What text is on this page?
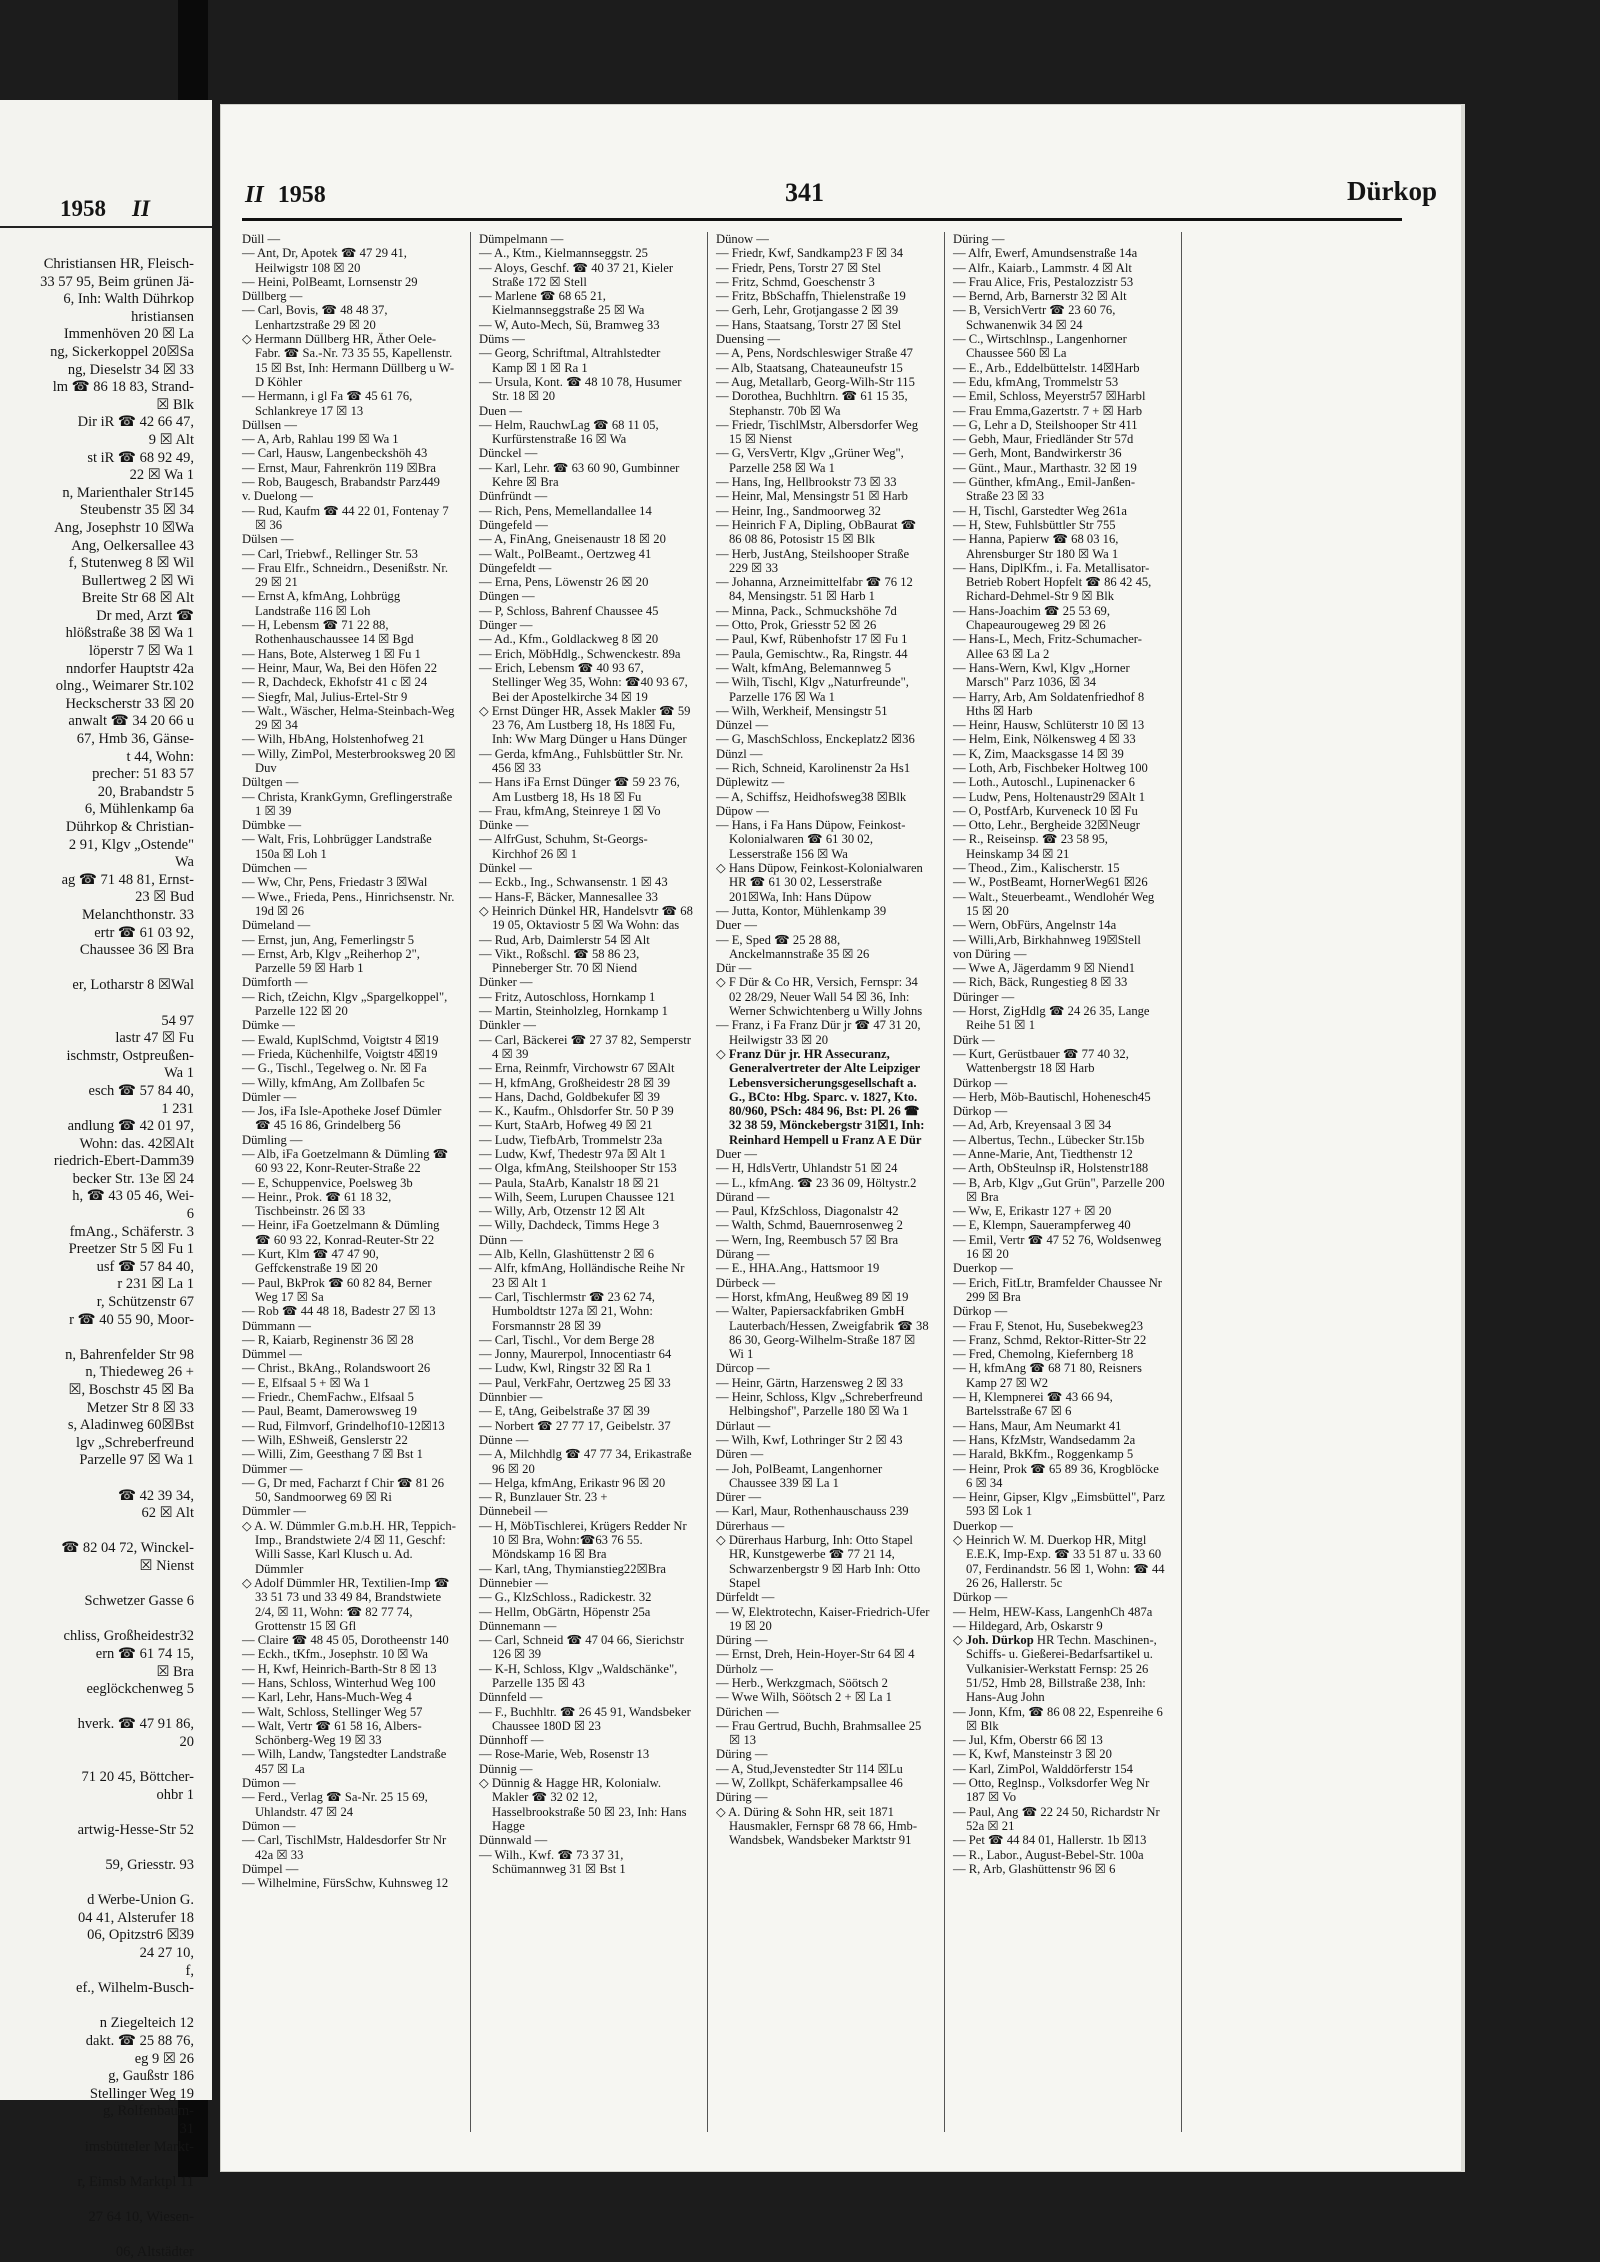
1958 II
Christiansen HR, Fleisch-
33 57 95, Beim grünen Jä-
6, Inh: Walth Dührkop
hristiansen
Immenhöven 20 ☒ La
ng, Sickerkoppel 20☒Sa
ng, Dieselstr 34 ☒ 33
lm ☎ 86 18 83, Strand-
☒ Blk
Dir iR ☎ 42 66 47,
9 ☒ Alt
st iR ☎ 68 92 49,
22 ☒ Wa 1
n, Marienthaler Str145
Steubenstr 35 ☒ 34
Ang, Josephstr 10 ☒Wa
Ang, Oelkersallee 43
f, Stutenweg 8 ☒ Wil
Bullertweg 2 ☒ Wi
Breite Str 68 ☒ Alt
Dr med, Arzt ☎
hlößstraße 38 ☒ Wa 1
löperstr 7 ☒ Wa 1
nndorfer Hauptstr 42a
olng., Weimarer Str.102
Heckscherstr 33 ☒ 20
anwalt ☎ 34 20 66 u
67, Hmb 36, Gänse-
t 44, Wohn:
precher: 51 83 57
20, Brabandstr 5
6, Mühlenkamp 6a
Dührkop & Christian-
2 91, Klgv „Ostende"
Wa
ag ☎ 71 48 81, Ernst-
23 ☒ Bud
Melanchthonstr. 33
ertr ☎ 61 03 92,
Chaussee 36 ☒ Bra

er, Lotharstr 8 ☒Wal

54 97
lastr 47 ☒ Fu
ischmstr, Ostpreußen-
Wa 1
esch ☎ 57 84 40,
1 231
andlung ☎ 42 01 97,
Wohn: das. 42☒Alt
riedrich-Ebert-Damm39
becker Str. 13e ☒ 24
h, ☎ 43 05 46, Wei-
6
fmAng., Schäferstr. 3
Preetzer Str 5 ☒ Fu 1
usf ☎ 57 84 40,
r 231 ☒ La 1
r, Schützenstr 67
r ☎ 40 55 90, Moor-

n, Bahrenfelder Str 98
n, Thiedeweg 26 +
☒, Boschstr 45 ☒ Ba
Metzer Str 8 ☒ 33
s, Aladinweg 60☒Bst
lgv „Schreberfreund
Parzelle 97 ☒ Wa 1

☎ 42 39 34,
62 ☒ Alt

☎ 82 04 72, Winckel-
☒ Nienst

Schwetzer Gasse 6

chliss, Großheidestr32
ern ☎ 61 74 15,
☒ Bra
eeglöckchenweg 5

hverk. ☎ 47 91 86,
20

71 20 45, Böttcher-
ohbr 1

artwig-Hesse-Str 52

59, Griesstr. 93

d Werbe-Union G.
04 41, Alsterufer 18
06, Opitzstr6 ☒39
24 27 10,
f,
ef., Wilhelm-Busch-

n Ziegelteich 12
dakt. ☎ 25 88 76,
eg 9 ☒ 26
g, Gaußstr 186
Stellinger Weg 19
g, Rolfenbaum-
31
imsbütteler Markt-

r, Eimsb Marktpl 11

27 64 10, Wiesen-

06, Altstädter
II 1958	341	Dürkop

Düll —

— Ant, Dr, Apotek ☎ 47 29 41, Heilwigstr 108 ☒ 20

— Heini, PolBeamt, Lornsenstr 29

Düllberg —

— Carl, Bovis, ☎ 48 48 37, Lenhartzstraße 29 ☒ 20

◇ Hermann Düllberg HR, Äther Oele-Fabr. ☎ Sa.-Nr. 73 35 55, Kapellenstr. 15 ☒ Bst, Inh: Hermann Düllberg u W-D Köhler

— Hermann, i gl Fa ☎ 45 61 76, Schlankreye 17 ☒ 13

Düllsen —

— A, Arb, Rahlau 199 ☒ Wa 1

— Carl, Hausw, Langenbeckshöh 43

— Ernst, Maur, Fahrenkrön 119 ☒Bra

— Rob, Baugesch, Brabandstr Parz449

v. Duelong —

— Rud, Kaufm ☎ 44 22 01, Fontenay 7 ☒ 36

Dülsen —

— Carl, Triebwf., Rellinger Str. 53

— Frau Elfr., Schneidrn., Desenißstr. Nr. 29 ☒ 21

— Ernst A, kfmAng, Lohbrügg Landstraße 116 ☒ Loh

— H, Lebensm ☎ 71 22 88, Rothenhauschaussee 14 ☒ Bgd

— Hans, Bote, Alsterweg 1 ☒ Fu 1

— Heinr, Maur, Wa, Bei den Höfen 22

— R, Dachdeck, Ekhofstr 41 c ☒ 24

— Siegfr, Mal, Julius-Ertel-Str 9

— Walt., Wäscher, Helma-Steinbach-Weg 29 ☒ 34

— Wilh, HbAng, Holstenhofweg 21

— Willy, ZimPol, Mesterbrooksweg 20 ☒ Duv

Dültgen —

— Christa, KrankGymn, Greflingerstraße 1 ☒ 39

Dümbke —

— Walt, Fris, Lohbrügger Landstraße 150a ☒ Loh 1

Dümchen —

— Ww, Chr, Pens, Friedastr 3 ☒Wal

— Wwe., Frieda, Pens., Hinrichsenstr. Nr. 19d ☒ 26

Dümeland —

— Ernst, jun, Ang, Femerlingstr 5

— Ernst, Arb, Klgv „Reiherhop 2", Parzelle 59 ☒ Harb 1

Dümforth —

— Rich, tZeichn, Klgv „Spargelkoppel", Parzelle 122 ☒ 20

Dümke —

— Ewald, KuplSchmd, Voigtstr 4 ☒19

— Frieda, Küchenhilfe, Voigtstr 4☒19

— G., Tischl., Tegelweg o. Nr. ☒ Fa

— Willy, kfmAng, Am Zollbafen 5c

Dümler —

— Jos, iFa Isle-Apotheke Josef Dümler ☎ 45 16 86, Grindelberg 56

Dümling —

— Alb, iFa Goetzelmann & Dümling ☎ 60 93 22, Konr-Reuter-Straße 22

— E, Schuppenvice, Poelsweg 3b

— Heinr., Prok. ☎ 61 18 32, Tischbeinstr. 26 ☒ 33

— Heinr, iFa Goetzelmann & Dümling ☎ 60 93 22, Konrad-Reuter-Str 22

— Kurt, Klm ☎ 47 47 90, Geffckenstraße 19 ☒ 20

— Paul, BkProk ☎ 60 82 84, Berner Weg 17 ☒ Sa

— Rob ☎ 44 48 18, Badestr 27 ☒ 13

Dümmann —

— R, Kaiarb, Reginenstr 36 ☒ 28

Dümmel —

— Christ., BkAng., Rolandswoort 26

— E, Elfsaal 5 + ☒ Wa 1

— Friedr., ChemFachw., Elfsaal 5

— Paul, Beamt, Damerowsweg 19

— Rud, Filmvorf, Grindelhof10-12☒13

— Wilh, EShweiß, Genslerstr 22

— Willi, Zim, Geesthang 7 ☒ Bst 1

Dümmer —

— G, Dr med, Facharzt f Chir ☎ 81 26 50, Sandmoorweg 69 ☒ Ri

Dümmler —

◇ A. W. Dümmler G.m.b.H. HR, Teppich-Imp., Brandstwiete 2/4 ☒ 11, Geschf: Willi Sasse, Karl Klusch u. Ad. Dümmler

◇ Adolf Dümmler HR, Textilien-Imp ☎ 33 51 73 und 33 49 84, Brandstwiete 2/4, ☒ 11, Wohn: ☎ 82 77 74, Grottenstr 15 ☒ Gfl

— Claire ☎ 48 45 05, Dorotheenstr 140

— Eckh., tKfm., Josephstr. 10 ☒ Wa

— H, Kwf, Heinrich-Barth-Str 8 ☒ 13

— Hans, Schloss, Winterhud Weg 100

— Karl, Lehr, Hans-Much-Weg 4

— Walt, Schloss, Stellinger Weg 57

— Walt, Vertr ☎ 61 58 16, Albers-Schönberg-Weg 19 ☒ 33

— Wilh, Landw, Tangstedter Landstraße 457 ☒ La

Dümon —

— Ferd., Verlag ☎ Sa-Nr. 25 15 69, Uhlandstr. 47 ☒ 24

Dümon —

— Carl, TischlMstr, Haldesdorfer Str Nr 42a ☒ 33

Dümpel —

— Wilhelmine, FürsSchw, Kuhnsweg 12

Dümpelmann —

— A., Ktm., Kielmannseggstr. 25

— Aloys, Geschf. ☎ 40 37 21, Kieler Straße 172 ☒ Stell

— Marlene ☎ 68 65 21, Kielmannseggstraße 25 ☒ Wa

— W, Auto-Mech, Sü, Bramweg 33

Düms —

— Georg, Schriftmal, Altrahlstedter Kamp ☒ 1 ☒ Ra 1

— Ursula, Kont. ☎ 48 10 78, Husumer Str. 18 ☒ 20

Duen —

— Helm, RauchwLag ☎ 68 11 05, Kurfürstenstraße 16 ☒ Wa

Dünckel —

— Karl, Lehr. ☎ 63 60 90, Gumbinner Kehre ☒ Bra

Dünfründt —

— Rich, Pens, Memellandallee 14

Düngefeld —

— A, FinAng, Gneisenaustr 18 ☒ 20

— Walt., PolBeamt., Oertzweg 41

Düngefeldt —

— Erna, Pens, Löwenstr 26 ☒ 20

Düngen —

— P, Schloss, Bahrenf Chaussee 45

Dünger —

— Ad., Kfm., Goldlackweg 8 ☒ 20

— Erich, MöbHdlg., Schwenckestr. 89a

— Erich, Lebensm ☎ 40 93 67, Stellinger Weg 35, Wohn: ☎40 93 67, Bei der Apostelkirche 34 ☒ 19

◇ Ernst Dünger HR, Assek Makler ☎ 59 23 76, Am Lustberg 18, Hs 18☒ Fu, Inh: Ww Marg Dünger u Hans Dünger

— Gerda, kfmAng., Fuhlsbüttler Str. Nr. 456 ☒ 33

— Hans iFa Ernst Dünger ☎ 59 23 76, Am Lustberg 18, Hs 18 ☒ Fu

— Frau, kfmAng, Steinreye 1 ☒ Vo

Dünke —

— AlfrGust, Schuhm, St-Georgs-Kirchhof 26 ☒ 1

Dünkel —

— Eckb., Ing., Schwansenstr. 1 ☒ 43

— Hans-F, Bäcker, Mannesallee 33

◇ Heinrich Dünkel HR, Handelsvtr ☎ 68 19 05, Oktaviostr 5 ☒ Wa Wohn: das

— Rud, Arb, Daimlerstr 54 ☒ Alt

— Vikt., Roßschl. ☎ 58 86 23, Pinneberger Str. 70 ☒ Niend

Dünker —

— Fritz, Autoschloss, Hornkamp 1

— Martin, Steinholzleg, Hornkamp 1

Dünkler —

— Carl, Bäckerei ☎ 27 37 82, Semperstr 4 ☒ 39

— Erna, Reinmfr, Virchowstr 67 ☒Alt

— H, kfmAng, Großheidestr 28 ☒ 39

— Hans, Dachd, Goldbekufer ☒ 39

— K., Kaufm., Ohlsdorfer Str. 50 P 39

— Kurt, StaArb, Hofweg 49 ☒ 21

— Ludw, TiefbArb, Trommelstr 23a

— Ludw, Kwf, Thedestr 97a ☒ Alt 1

— Olga, kfmAng, Steilshooper Str 153

— Paula, StaArb, Kanalstr 18 ☒ 21

— Wilh, Seem, Lurupen Chaussee 121

— Willy, Arb, Otzenstr 12 ☒ Alt

— Willy, Dachdeck, Timms Hege 3

Dünn —

— Alb, Kelln, Glashüttenstr 2 ☒ 6

— Alfr, kfmAng, Holländische Reihe Nr 23 ☒ Alt 1

— Carl, Tischlermstr ☎ 23 62 74, Humboldtstr 127a ☒ 21, Wohn: Forsmannstr 28 ☒ 39

— Carl, Tischl., Vor dem Berge 28

— Jonny, Maurerpol, Innocentiastr 64

— Ludw, Kwl, Ringstr 32 ☒ Ra 1

— Paul, VerkFahr, Oertzweg 25 ☒ 33

Dünnbier —

— E, tAng, Geibelstraße 37 ☒ 39

— Norbert ☎ 27 77 17, Geibelstr. 37

Dünne —

— A, Milchhdlg ☎ 47 77 34, Erikastraße 96 ☒ 20

— Helga, kfmAng, Erikastr 96 ☒ 20

— R, Bunzlauer Str. 23 +

Dünnebeil —

— H, MöbTischlerei, Krügers Redder Nr 10 ☒ Bra, Wohn:☎63 76 55. Möndskamp 16 ☒ Bra

— Karl, tAng, Thymianstieg22☒Bra

Dünnebier —

— G., KlzSchloss., Radickestr. 32

— Hellm, ObGärtn, Höpenstr 25a

Dünnemann —

— Carl, Schneid ☎ 47 04 66, Sierichstr 126 ☒ 39

— K-H, Schloss, Klgv „Waldschänke", Parzelle 135 ☒ 43

Dünnfeld —

— F., Buchhltr. ☎ 26 45 91, Wandsbeker Chaussee 180D ☒ 23

Dünnhoff —

— Rose-Marie, Web, Rosenstr 13

Dünnig —

◇ Dünnig & Hagge HR, Kolonialw. Makler ☎ 32 02 12, Hasselbrookstraße 50 ☒ 23, Inh: Hans Hagge

Dünnwald —

— Wilh., Kwf. ☎ 73 37 31, Schümannweg 31 ☒ Bst 1

Dünow —

— Friedr, Kwf, Sandkamp23 F ☒ 34

— Friedr, Pens, Torstr 27 ☒ Stel

— Fritz, Schmd, Goeschenstr 3

— Fritz, BbSchaffn, Thielenstraße 19

— Gerh, Lehr, Grotjangasse 2 ☒ 39

— Hans, Staatsang, Torstr 27 ☒ Stel

Duensing —

— A, Pens, Nordschleswiger Straße 47

— Alb, Staatsang, Chateauneufstr 15

— Aug, Metallarb, Georg-Wilh-Str 115

— Dorothea, Buchhltrn. ☎ 61 15 35, Stephanstr. 70b ☒ Wa

— Friedr, TischlMstr, Albersdorfer Weg 15 ☒ Nienst

— G, VersVertr, Klgv „Grüner Weg", Parzelle 258 ☒ Wa 1

— Hans, Ing, Hellbrookstr 73 ☒ 33

— Heinr, Mal, Mensingstr 51 ☒ Harb

— Heinr, Ing., Sandmoorweg 32

— Heinrich F A, Dipling, ObBaurat ☎ 86 08 86, Potosistr 15 ☒ Blk

— Herb, JustAng, Steilshooper Straße 229 ☒ 33

— Johanna, Arzneimittelfabr ☎ 76 12 84, Mensingstr. 51 ☒ Harb 1

— Minna, Pack., Schmuckshöhe 7d

— Otto, Prok, Griesstr 52 ☒ 26

— Paul, Kwf, Rübenhofstr 17 ☒ Fu 1

— Paula, Gemischtw., Ra, Ringstr. 44

— Walt, kfmAng, Belemannweg 5

— Wilh, Tischl, Klgv „Naturfreunde", Parzelle 176 ☒ Wa 1

— Wilh, Werkheif, Mensingstr 51

Dünzel —

— G, MaschSchloss, Enckeplatz2 ☒36

Dünzl —

— Rich, Schneid, Karolinenstr 2a Hs1

Düplewitz —

— A, Schiffsz, Heidhofsweg38 ☒Blk

Düpow —

— Hans, i Fa Hans Düpow, Feinkost-Kolonialwaren ☎ 61 30 02, Lesserstraße 156 ☒ Wa

◇ Hans Düpow, Feinkost-Kolonialwaren HR ☎ 61 30 02, Lesserstraße 201☒Wa, Inh: Hans Düpow

— Jutta, Kontor, Mühlenkamp 39

Duer —

— E, Sped ☎ 25 28 88, Anckelmannstraße 35 ☒ 26

Dür —

◇ F Dür & Co HR, Versich, Fernspr: 34 02 28/29, Neuer Wall 54 ☒ 36, Inh: Werner Schwichtenberg u Willy Johns

— Franz, i Fa Franz Dür jr ☎ 47 31 20, Heilwigstr 33 ☒ 20

◇ Franz Dür jr. HR Assecuranz, Generalvertreter der Alte Leipziger Lebensversicherungsgesellschaft a. G., BCto: Hbg. Sparc. v. 1827, Kto. 80/960, PSch: 484 96, Bst: Pl. 26 ☎ 32 38 59, Mönckebergstr 31☒1, Inh: Reinhard Hempell u Franz A E Dür

Duer —

— H, HdlsVertr, Uhlandstr 51 ☒ 24

— L., kfmAng. ☎ 23 36 09, Höltystr.2

Dürand —

— Paul, KfzSchloss, Diagonalstr 42

— Walth, Schmd, Bauernrosenweg 2

— Wern, Ing, Reembusch 57 ☒ Bra

Dürang —

— E., HHA.Ang., Hattsmoor 19

Dürbeck —

— Horst, kfmAng, Heußweg 89 ☒ 19

— Walter, Papiersackfabriken GmbH Lauterbach/Hessen, Zweigfabrik ☎ 38 86 30, Georg-Wilhelm-Straße 187 ☒ Wi 1

Dürcop —

— Heinr, Gärtn, Harzensweg 2 ☒ 33

— Heinr, Schloss, Klgv „Schreberfreund Helbingshof", Parzelle 180 ☒ Wa 1

Dürlaut —

— Wilh, Kwf, Lothringer Str 2 ☒ 43

Düren —

— Joh, PolBeamt, Langenhorner Chaussee 339 ☒ La 1

Dürer —

— Karl, Maur, Rothenhauschauss 239

Dürerhaus —

◇ Dürerhaus Harburg, Inh: Otto Stapel HR, Kunstgewerbe ☎ 77 21 14, Schwarzenbergstr 9 ☒ Harb Inh: Otto Stapel

Dürfeldt —

— W, Elektrotechn, Kaiser-Friedrich-Ufer 19 ☒ 20

Düring —

— Ernst, Dreh, Hein-Hoyer-Str 64 ☒ 4

Dürholz —

— Herb., Werkzgmach, Söötsch 2

— Wwe Wilh, Söötsch 2 + ☒ La 1

Dürichen —

— Frau Gertrud, Buchh, Brahmsallee 25 ☒ 13

Düring —

— A, Stud,Jevenstedter Str 114 ☒Lu

— W, Zollkpt, Schäferkampsallee 46

Düring —

◇ A. Düring & Sohn HR, seit 1871 Hausmakler, Fernspr 68 78 66, Hmb-Wandsbek, Wandsbeker Marktstr 91

Düring —

— Alfr, Ewerf, Amundsenstraße 14a

— Alfr., Kaiarb., Lammstr. 4 ☒ Alt

— Frau Alice, Fris, Pestalozzistr 53

— Bernd, Arb, Barnerstr 32 ☒ Alt

— B, VersichVertr ☎ 23 60 76, Schwanenwik 34 ☒ 24

— C., Wirtschlnsp., Langenhorner Chaussee 560 ☒ La

— E., Arb., Eddelbüttelstr. 14☒Harb

— Edu, kfmAng, Trommelstr 53

— Emil, Schloss, Meyerstr57 ☒Harbl

— Frau Emma,Gazertstr. 7 + ☒ Harb

— G, Lehr a D, Steilshooper Str 411

— Gebh, Maur, Friedländer Str 57d

— Gerh, Mont, Bandwirkerstr 36

— Günt., Maur., Marthastr. 32 ☒ 19

— Günther, kfmAng., Emil-Janßen-Straße 23 ☒ 33

— H, Tischl, Garstedter Weg 261a

— H, Stew, Fuhlsbüttler Str 755

— Hanna, Papierw ☎ 68 03 16, Ahrensburger Str 180 ☒ Wa 1

— Hans, DiplKfm., i. Fa. Metallisator-Betrieb Robert Hopfelt ☎ 86 42 45, Richard-Dehmel-Str 9 ☒ Blk

— Hans-Joachim ☎ 25 53 69, Chapeaurougeweg 29 ☒ 26

— Hans-L, Mech, Fritz-Schumacher-Allee 63 ☒ La 2

— Hans-Wern, Kwl, Klgv „Horner Marsch" Parz 1036, ☒ 34

— Harry, Arb, Am Soldatenfriedhof 8 Hths ☒ Harb

— Heinr, Hausw, Schlüterstr 10 ☒ 13

— Helm, Eink, Nölkensweg 4 ☒ 33

— K, Zim, Maacksgasse 14 ☒ 39

— Loth, Arb, Fischbeker Holtweg 100

— Loth., Autoschl., Lupinenacker 6

— Ludw, Pens, Holtenaustr29 ☒Alt 1

— O, PostfArb, Kurveneck 10 ☒ Fu

— Otto, Lehr., Bergheide 32☒Neugr

— R., Reiseinsp. ☎ 23 58 95, Heinskamp 34 ☒ 21

— Theod., Zim., Kalischerstr. 15

— W., PostBeamt, HornerWeg61 ☒26

— Walt., Steuerbeamt., Wendlohér Weg 15 ☒ 20

— Wern, ObFürs, Angelnstr 14a

— Willi,Arb, Birkhahnweg 19☒Stell

von Düring —

— Wwe A, Jägerdamm 9 ☒ Niend1

— Rich, Bäck, Rungestieg 8 ☒ 33

Düringer —

— Horst, ZigHdlg ☎ 24 26 35, Lange Reihe 51 ☒ 1

Dürk —

— Kurt, Gerüstbauer ☎ 77 40 32, Wattenbergstr 18 ☒ Harb

Dürkop —

— Herb, Möb-Bautischl, Hohenesch45

Dürkop —

— Ad, Arb, Kreyensaal 3 ☒ 34

— Albertus, Techn., Lübecker Str.15b

— Anne-Marie, Ant, Tiedthenstr 12

— Arth, ObSteulnsp iR, Holstenstr188

— B, Arb, Klgv „Gut Grün", Parzelle 200 ☒ Bra

— Ww, E, Erikastr 127 + ☒ 20

— E, Klempn, Sauerampferweg 40

— Emil, Vertr ☎ 47 52 76, Woldsenweg 16 ☒ 20

Duerkop —

— Erich, FitLtr, Bramfelder Chaussee Nr 299 ☒ Bra

Dürkop —

— Frau F, Stenot, Hu, Susebekweg23

— Franz, Schmd, Rektor-Ritter-Str 22

— Fred, Chemolng, Kiefernberg 18

— H, kfmAng ☎ 68 71 80, Reisners Kamp 27 ☒ W2

— H, Klempnerei ☎ 43 66 94, Bartelsstraße 67 ☒ 6

— Hans, Maur, Am Neumarkt 41

— Hans, KfzMstr, Wandsedamm 2a

— Harald, BkKfm., Roggenkamp 5

— Heinr, Prok ☎ 65 89 36, Krogblöcke 6 ☒ 34

— Heinr, Gipser, Klgv „Eimsbüttel", Parz 593 ☒ Lok 1

Duerkop —

◇ Heinrich W. M. Duerkop HR, Mitgl E.E.K, Imp-Exp. ☎ 33 51 87 u. 33 60 07, Ferdinandstr. 56 ☒ 1, Wohn: ☎ 44 26 26, Hallerstr. 5c

Dürkop —

— Helm, HEW-Kass, LangenhCh 487a

— Hildegard, Arb, Oskarstr 9

◇ Joh. Dürkop HR Techn. Maschinen-, Schiffs- u. Gießerei-Bedarfsartikel u. Vulkanisier-Werkstatt Fernsp: 25 26 51/52, Hmb 28, Billstraße 238, Inh: Hans-Aug John

— Jonn, Kfm, ☎ 86 08 22, Espenreihe 6 ☒ Blk

— Jul, Kfm, Oberstr 66 ☒ 13

— K, Kwf, Mansteinstr 3 ☒ 20

— Karl, ZimPol, Walddörferstr 154

— Otto, Reglnsp., Volksdorfer Weg Nr 187 ☒ Vo

— Paul, Ang ☎ 22 24 50, Richardstr Nr 52a ☒ 21

— Pet ☎ 44 84 01, Hallerstr. 1b ☒13

— R., Labor., August-Bebel-Str. 100a

— R, Arb, Glashüttenstr 96 ☒ 6
